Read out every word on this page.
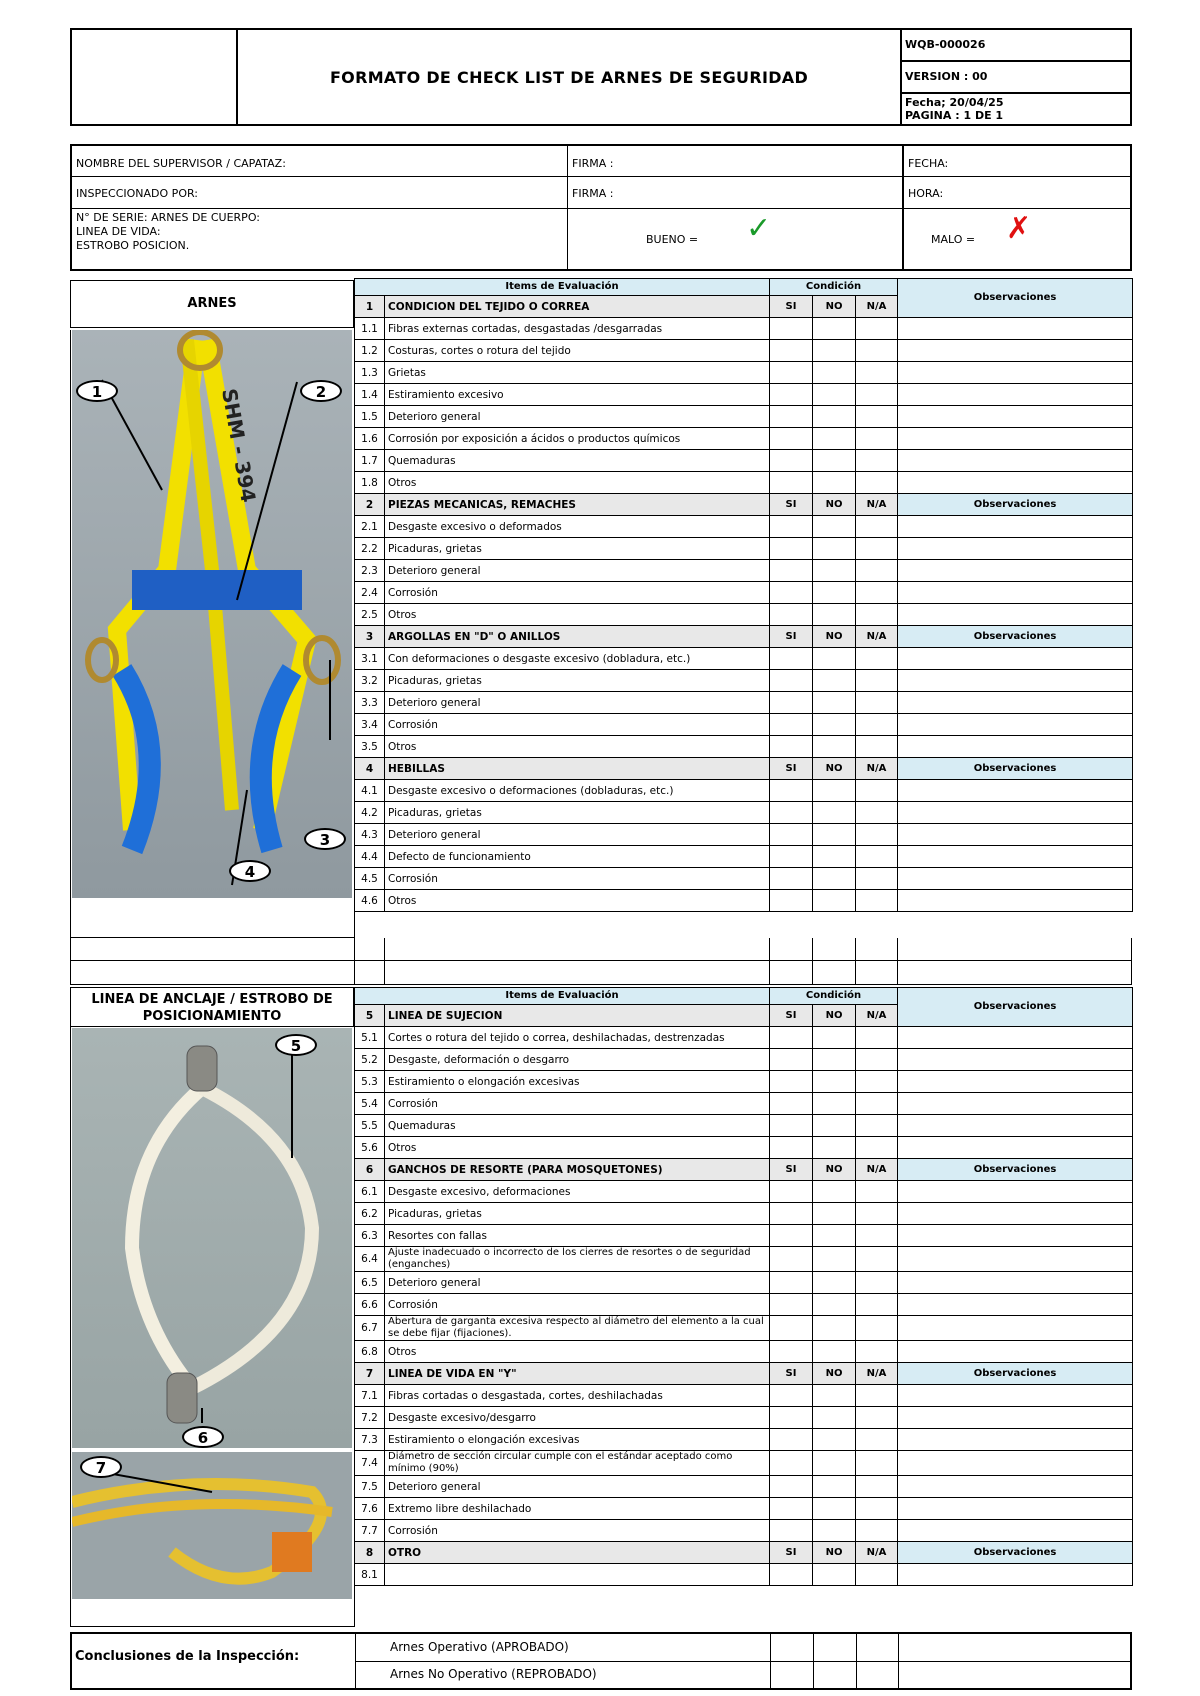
FORMATO DE CHECK LIST DE ARNES DE SEGURIDAD
WQB-000026
VERSION : 00
Fecha; 20/04/25
PAGINA : 1 DE 1
NOMBRE DEL SUPERVISOR / CAPATAZ:	FIRMA :	FECHA:
INSPECCIONADO POR:	FIRMA :	HORA:
N° DE SERIE: ARNES DE CUERPO:
LINEA DE VIDA:
ESTROBO POSICION.	BUENO = ✓	MALO = ✗
ARNES
LINEA DE ANCLAJE / ESTROBO DE POSICIONAMIENTO
SHM - 394
1	2
3
4
5
6
7
Items de Evaluación		Condición			Observaciones
1	CONDICION DEL TEJIDO O CORREA	SI	NO	N/A	
1.1	Fibras externas cortadas, desgastadas /desgarradas				
1.2	Costuras, cortes o rotura del tejido				
1.3	Grietas				
1.4	Estiramiento excesivo				
1.5	Deterioro general				
1.6	Corrosión por exposición a ácidos o productos químicos				
1.7	Quemaduras				
1.8	Otros				
2	PIEZAS MECANICAS, REMACHES	SI	NO	N/A	Observaciones
2.1	Desgaste excesivo o deformados				
2.2	Picaduras, grietas				
2.3	Deterioro general				
2.4	Corrosión				
2.5	Otros				
3	ARGOLLAS EN "D" O ANILLOS	SI	NO	N/A	Observaciones
3.1	Con deformaciones o desgaste excesivo (dobladura, etc.)				
3.2	Picaduras, grietas				
3.3	Deterioro general				
3.4	Corrosión				
3.5	Otros				
4	HEBILLAS	SI	NO	N/A	Observaciones
4.1	Desgaste excesivo o deformaciones (dobladuras, etc.)				
4.2	Picaduras, grietas				
4.3	Deterioro general				
4.4	Defecto de funcionamiento				
4.5	Corrosión				
4.6	Otros				
Items de Evaluación		Condición			Observaciones
5	LINEA DE SUJECION	SI	NO	N/A	
5.1	Cortes o rotura del tejido o correa, deshilachadas, destrenzadas				
5.2	Desgaste, deformación o desgarro				
5.3	Estiramiento o elongación excesivas				
5.4	Corrosión				
5.5	Quemaduras				
5.6	Otros				
6	GANCHOS DE RESORTE (PARA MOSQUETONES)	SI	NO	N/A	Observaciones
6.1	Desgaste excesivo, deformaciones				
6.2	Picaduras, grietas				
6.3	Resortes con fallas				
6.4	Ajuste inadecuado o incorrecto de los cierres de resortes o de seguridad (enganches)				
6.5	Deterioro general				
6.6	Corrosión				
6.7	Abertura de garganta excesiva respecto al diámetro del elemento a la cual se debe fijar (fijaciones).				
6.8	Otros				
7	LINEA DE VIDA EN "Y"	SI	NO	N/A	Observaciones
7.1	Fibras cortadas o desgastada, cortes, deshilachadas				
7.2	Desgaste excesivo/desgarro				
7.3	Estiramiento o elongación excesivas				
7.4	Diámetro de sección circular cumple con el estándar aceptado como mínimo (90%)				
7.5	Deterioro general				
7.6	Extremo libre deshilachado				
7.7	Corrosión				
8	OTRO	SI	NO	N/A	Observaciones
8.1					
Conclusiones de la Inspección:
Arnes Operativo (APROBADO)
Arnes No Operativo (REPROBADO)
